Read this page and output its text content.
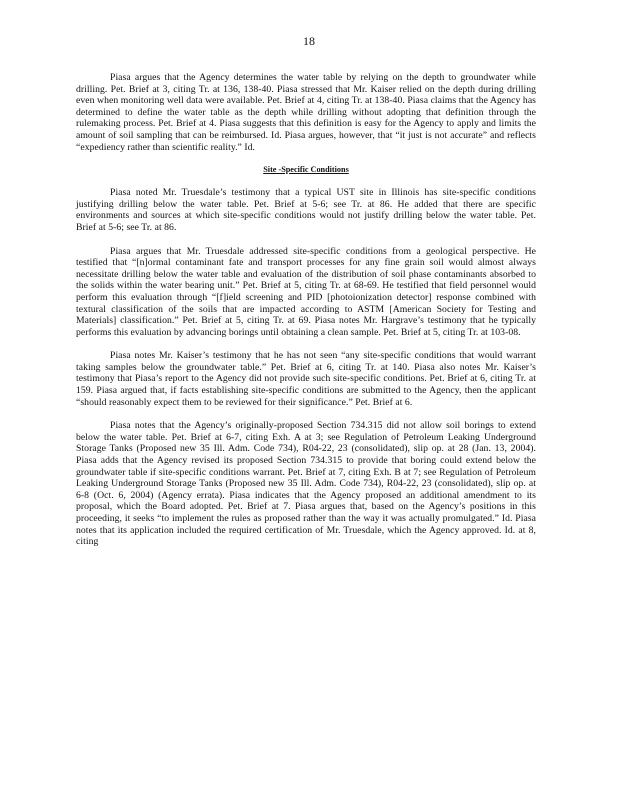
18

Piasa argues that the Agency determines the water table by relying on the depth to groundwater while drilling. Pet. Brief at 3, citing Tr. at 136, 138-40. Piasa stressed that Mr. Kaiser relied on the depth during drilling even when monitoring well data were available. Pet. Brief at 4, citing Tr. at 138-40. Piasa claims that the Agency has determined to define the water table as the depth while drilling without adopting that definition through the rulemaking process. Pet. Brief at 4. Piasa suggests that this definition is easy for the Agency to apply and limits the amount of soil sampling that can be reimbursed. Id. Piasa argues, however, that “it just is not accurate” and reflects “expediency rather than scientific reality.” Id.

Site -Specific Conditions

Piasa noted Mr. Truesdale’s testimony that a typical UST site in Illinois has site-specific conditions justifying drilling below the water table. Pet. Brief at 5-6; see Tr. at 86. He added that there are specific environments and sources at which site-specific conditions would not justify drilling below the water table. Pet. Brief at 5-6; see Tr. at 86.

Piasa argues that Mr. Truesdale addressed site-specific conditions from a geological perspective. He testified that “[n]ormal contaminant fate and transport processes for any fine grain soil would almost always necessitate drilling below the water table and evaluation of the distribution of soil phase contaminants absorbed to the solids within the water bearing unit.” Pet. Brief at 5, citing Tr. at 68-69. He testified that field personnel would perform this evaluation through “[f]ield screening and PID [photoionization detector] response combined with textural classification of the soils that are impacted according to ASTM [American Society for Testing and Materials] classification.” Pet. Brief at 5, citing Tr. at 69. Piasa notes Mr. Hargrave’s testimony that he typically performs this evaluation by advancing borings until obtaining a clean sample. Pet. Brief at 5, citing Tr. at 103-08.

Piasa notes Mr. Kaiser’s testimony that he has not seen “any site-specific conditions that would warrant taking samples below the groundwater table.” Pet. Brief at 6, citing Tr. at 140. Piasa also notes Mr. Kaiser’s testimony that Piasa’s report to the Agency did not provide such site-specific conditions. Pet. Brief at 6, citing Tr. at 159. Piasa argued that, if facts establishing site-specific conditions are submitted to the Agency, then the applicant “should reasonably expect them to be reviewed for their significance.” Pet. Brief at 6.

Piasa notes that the Agency’s originally-proposed Section 734.315 did not allow soil borings to extend below the water table. Pet. Brief at 6-7, citing Exh. A at 3; see Regulation of Petroleum Leaking Underground Storage Tanks (Proposed new 35 Ill. Adm. Code 734), R04-22, 23 (consolidated), slip op. at 28 (Jan. 13, 2004). Piasa adds that the Agency revised its proposed Section 734.315 to provide that boring could extend below the groundwater table if site-specific conditions warrant. Pet. Brief at 7, citing Exh. B at 7; see Regulation of Petroleum Leaking Underground Storage Tanks (Proposed new 35 Ill. Adm. Code 734), R04-22, 23 (consolidated), slip op. at 6-8 (Oct. 6, 2004) (Agency errata). Piasa indicates that the Agency proposed an additional amendment to its proposal, which the Board adopted. Pet. Brief at 7. Piasa argues that, based on the Agency’s positions in this proceeding, it seeks “to implement the rules as proposed rather than the way it was actually promulgated.” Id. Piasa notes that its application included the required certification of Mr. Truesdale, which the Agency approved. Id. at 8, citing
